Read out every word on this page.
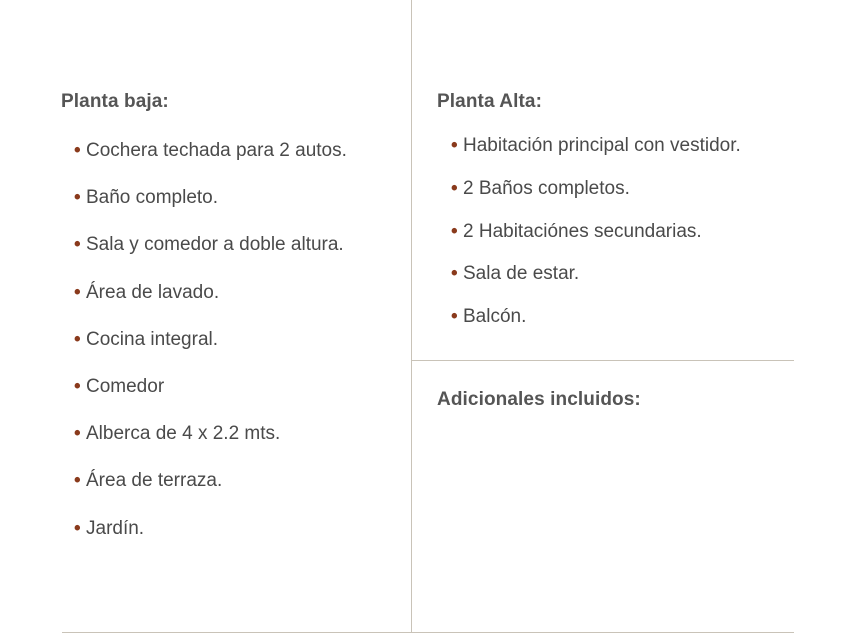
Planta baja:
• Cochera techada para 2 autos.
• Baño completo.
• Sala y comedor a doble altura.
• Área de lavado.
• Cocina integral.
• Comedor
• Alberca de 4 x 2.2 mts.
• Área de terraza.
• Jardín.
Planta Alta:
• Habitación principal con vestidor.
• 2 Baños completos.
• 2 Habitaciónes secundarias.
• Sala de estar.
• Balcón.
Adicionales incluidos:
